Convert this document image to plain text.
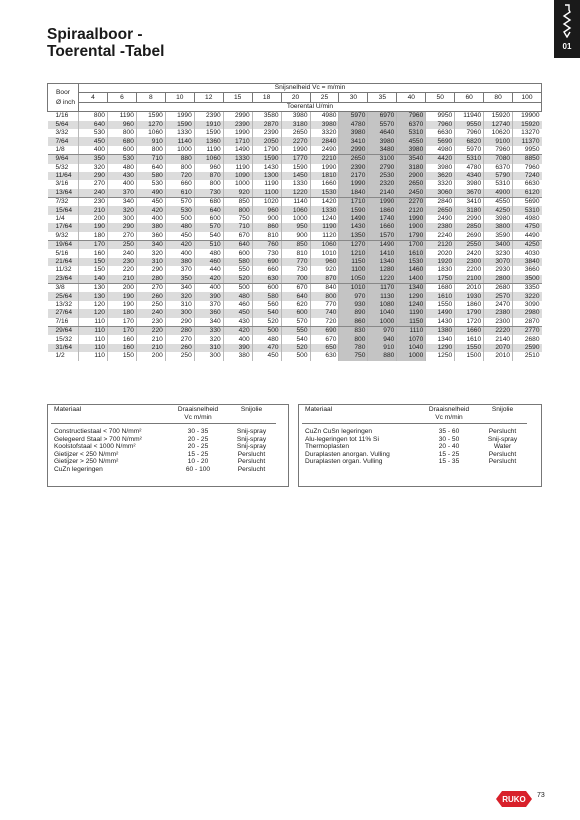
Spiraalboor -
Toerental -Tabel	01
Boor
Ø inch	Snijsnelheid Vc = m/min															
	4	6	8	10	12	15	18	20	25	30	35	40	50	60	80	100
	Toerental U/min															
1/16	800	1190	1590	1990	2390	2990	3580	3980	4980	5970	6970	7960	9950	11940	15920	19900
5/64	640	960	1270	1590	1910	2390	2870	3180	3980	4780	5570	6370	7960	9550	12740	15920
3/32	530	800	1060	1330	1590	1990	2390	2650	3320	3980	4640	5310	6630	7960	10620	13270
7/64	450	680	910	1140	1360	1710	2050	2270	2840	3410	3980	4550	5690	6820	9100	11370
1/8	400	600	800	1000	1190	1490	1790	1990	2490	2990	3480	3980	4980	5970	7960	9950
9/64	350	530	710	880	1060	1330	1590	1770	2210	2650	3100	3540	4420	5310	7080	8850
5/32	320	480	640	800	960	1190	1430	1590	1990	2390	2790	3180	3980	4780	6370	7960
11/64	290	430	580	720	870	1090	1300	1450	1810	2170	2530	2900	3620	4340	5790	7240
3/16	270	400	530	660	800	1000	1190	1330	1660	1990	2320	2650	3320	3980	5310	6630
13/64	240	370	490	610	730	920	1100	1220	1530	1840	2140	2450	3060	3670	4900	6120
7/32	230	340	450	570	680	850	1020	1140	1420	1710	1990	2270	2840	3410	4550	5690
15/64	210	320	420	530	640	800	960	1060	1330	1590	1860	2120	2650	3180	4250	5310
1/4	200	300	400	500	600	750	900	1000	1240	1490	1740	1990	2490	2990	3980	4980
17/64	190	290	380	480	570	710	860	950	1190	1430	1660	1900	2380	2850	3800	4750
9/32	180	270	360	450	540	670	810	900	1120	1350	1570	1790	2240	2690	3590	4490
19/64	170	250	340	420	510	640	760	850	1060	1270	1490	1700	2120	2550	3400	4250
5/16	160	240	320	400	480	600	730	810	1010	1210	1410	1610	2020	2420	3230	4030
21/64	150	230	310	380	460	580	690	770	960	1150	1340	1530	1920	2300	3070	3840
11/32	150	220	290	370	440	550	660	730	920	1100	1280	1460	1830	2200	2930	3660
23/64	140	210	280	350	420	520	630	700	870	1050	1220	1400	1750	2100	2800	3500
3/8	130	200	270	340	400	500	600	670	840	1010	1170	1340	1680	2010	2680	3350
25/64	130	190	260	320	390	480	580	640	800	970	1130	1290	1610	1930	2570	3220
13/32	120	190	250	310	370	460	560	620	770	930	1080	1240	1550	1860	2470	3090
27/64	120	180	240	300	360	450	540	600	740	890	1040	1190	1490	1790	2380	2980
7/16	110	170	230	290	340	430	520	570	720	860	1000	1150	1430	1720	2300	2870
29/64	110	170	220	280	330	420	500	550	690	830	970	1110	1380	1660	2220	2770
15/32	110	160	210	270	320	400	480	540	670	800	940	1070	1340	1610	2140	2680
31/64	110	160	210	260	310	390	470	520	650	780	910	1040	1290	1550	2070	2590
1/2	110	150	200	250	300	380	450	500	630	750	880	1000	1250	1500	2010	2510
Materiaal	Draaisnelheid
Vc m/min	Snijolie
Constructiestaal < 700 N/mm²	30 - 35	Snij-spray
Gelegeerd Staal > 700 N/mm²	20 - 25	Snij-spray
Koolstofstaal < 1000 N/mm²	20 - 25	Snij-spray
Gietijzer < 250 N/mm²	15 - 25	Perslucht
Gietijzer > 250 N/mm²	10 - 20	Perslucht
CuZn legeringen	60 - 100	Perslucht
Materiaal	Draaisnelheid
Vc m/min	Snijolie
CuZn CuSn legeringen	35 - 60	Perslucht
Alu-legeringen tot 11% Si	30 - 50	Snij-spray
Thermoplasten	20 - 40	Water
Duraplasten anorgan. Vulling	15 - 25	Perslucht
Duraplasten organ. Vulling	15 - 35	Perslucht
RUKO 73
